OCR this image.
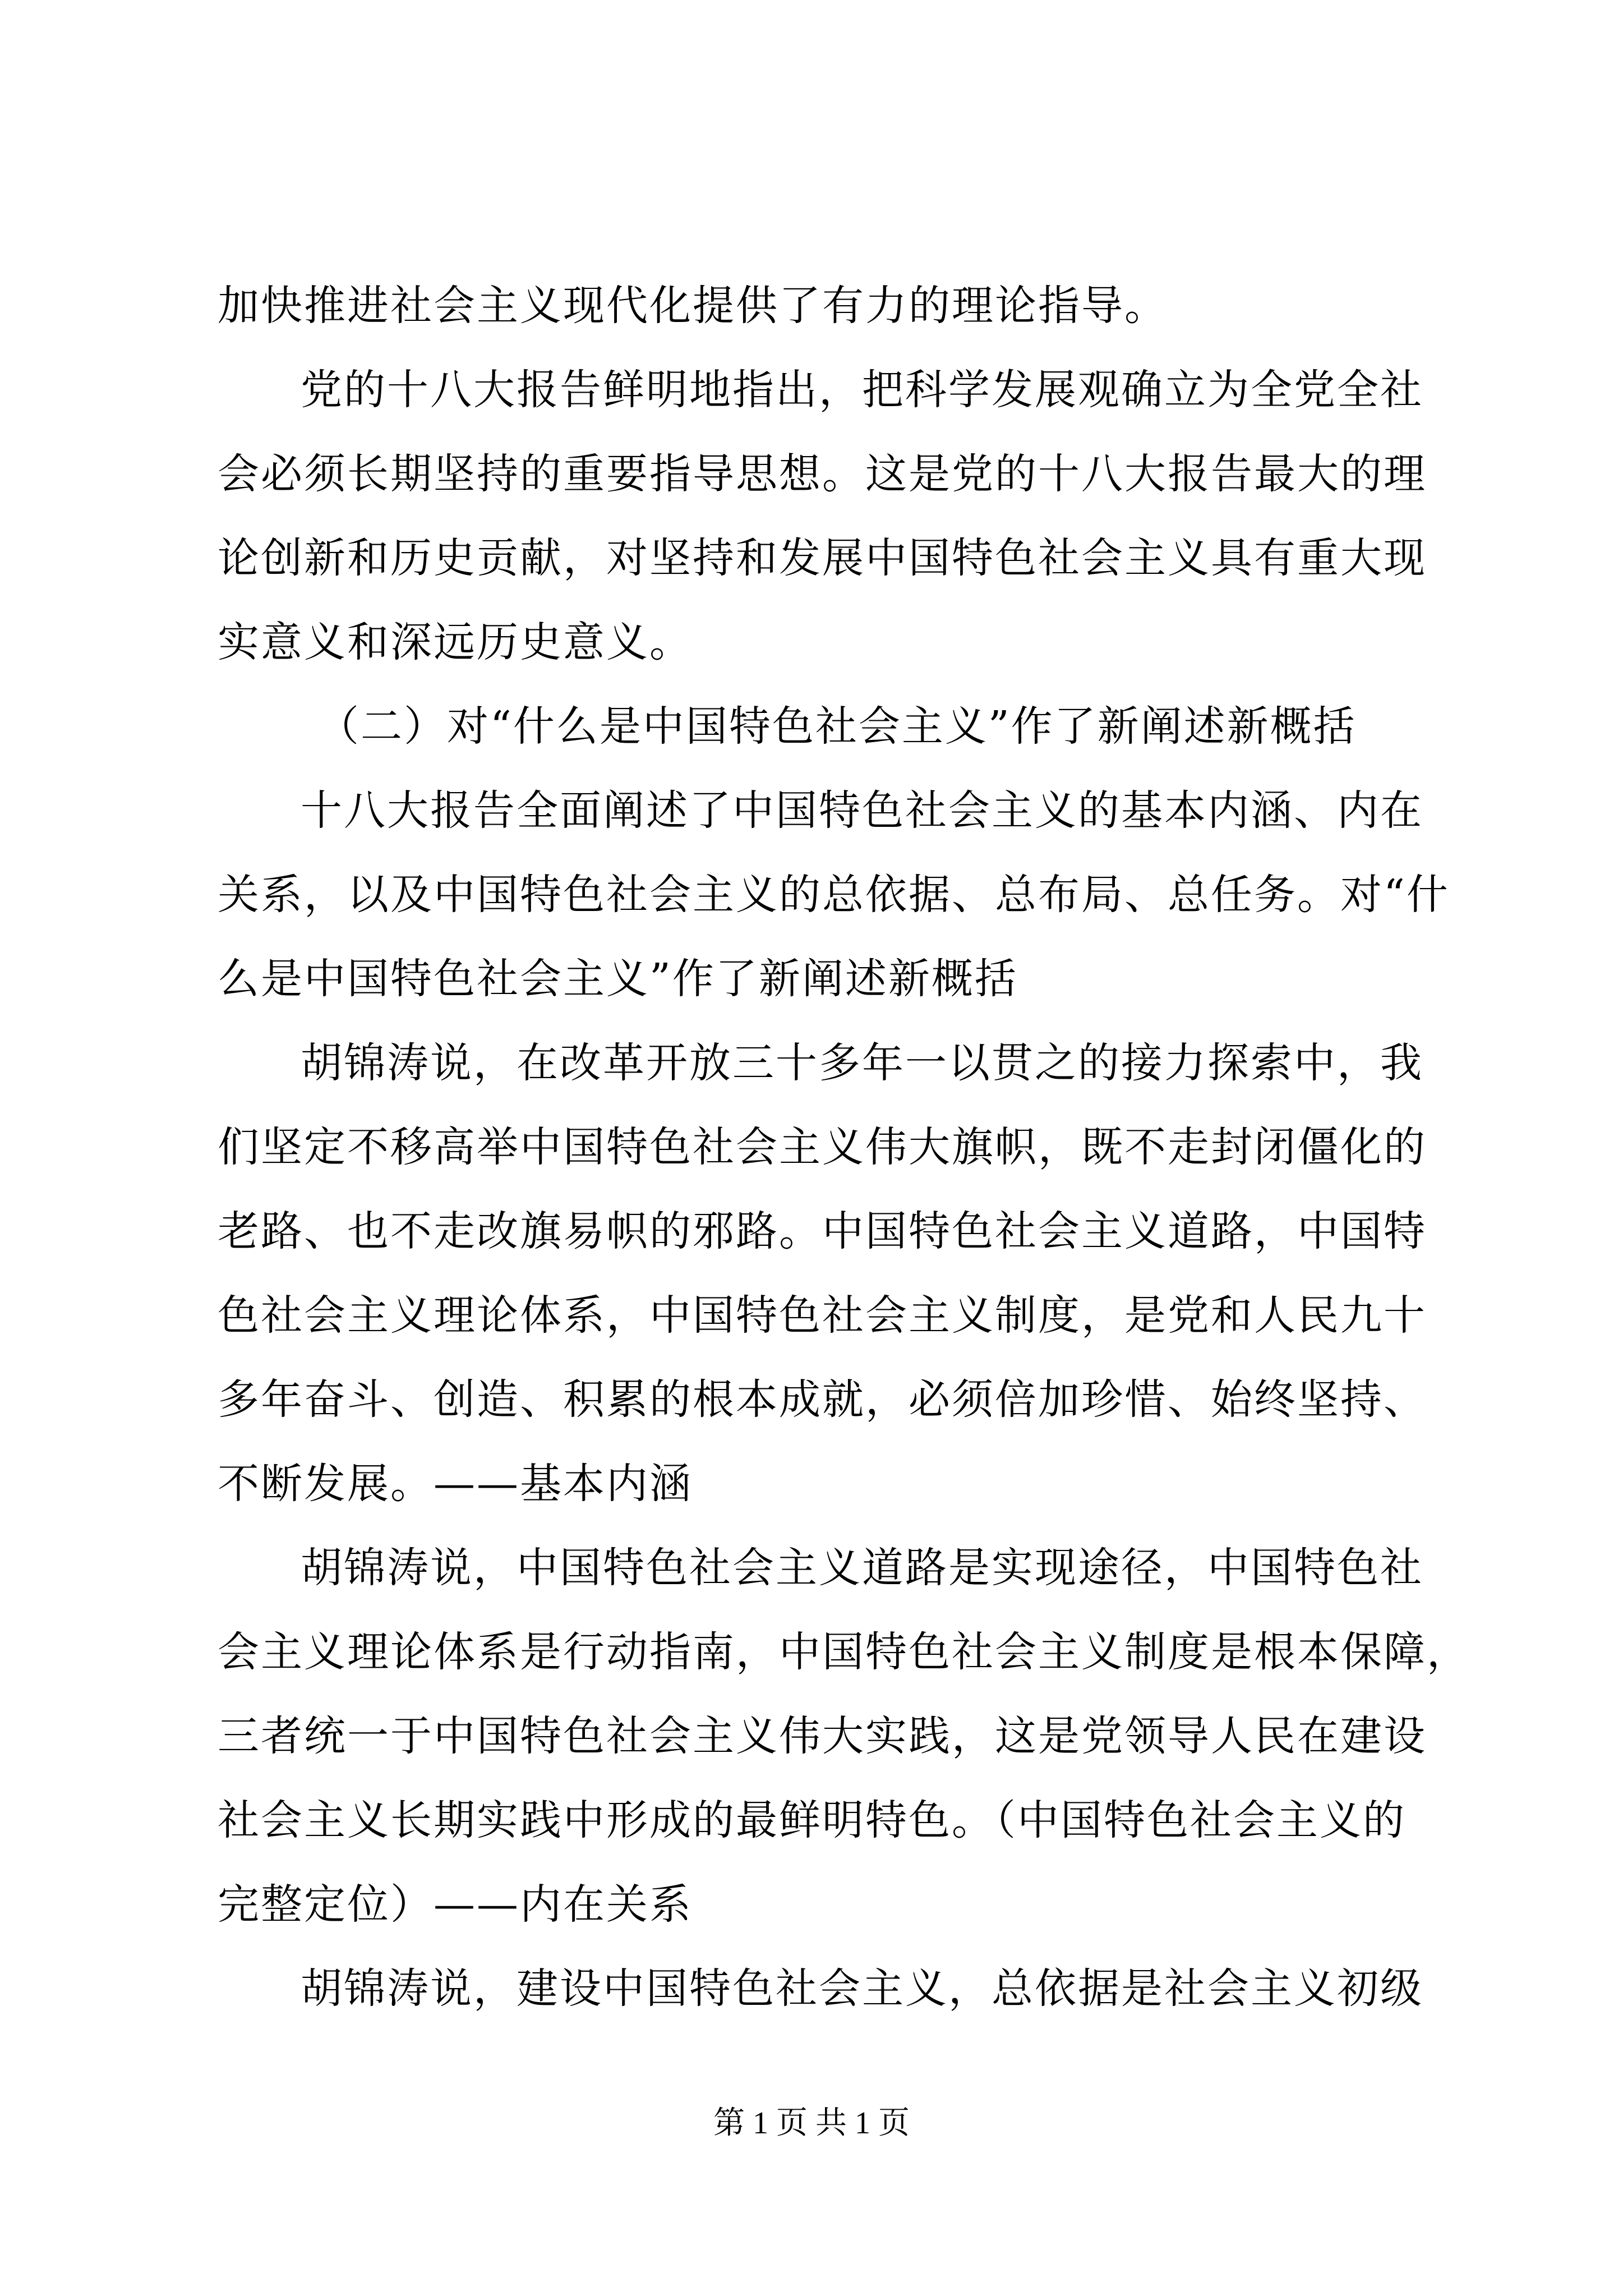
加快推进社会主义现代化提供了有力的理论指导。
党的十八大报告鲜明地指出，把科学发展观确立为全党全社
会必须长期坚持的重要指导思想。这是党的十八大报告最大的理
论创新和历史贡献，对坚持和发展中国特色社会主义具有重大现
实意义和深远历史意义。
（二）对“什么是中国特色社会主义”作了新阐述新概括
十八大报告全面阐述了中国特色社会主义的基本内涵、内在
关系，以及中国特色社会主义的总依据、总布局、总任务。对“什
么是中国特色社会主义”作了新阐述新概括
胡锦涛说，在改革开放三十多年一以贯之的接力探索中，我
们坚定不移高举中国特色社会主义伟大旗帜，既不走封闭僵化的
老路、也不走改旗易帜的邪路。中国特色社会主义道路，中国特
色社会主义理论体系，中国特色社会主义制度，是党和人民九十
多年奋斗、创造、积累的根本成就，必须倍加珍惜、始终坚持、
不断发展。——基本内涵
胡锦涛说，中国特色社会主义道路是实现途径，中国特色社
会主义理论体系是行动指南，中国特色社会主义制度是根本保障，
三者统一于中国特色社会主义伟大实践，这是党领导人民在建设
社会主义长期实践中形成的最鲜明特色。（中国特色社会主义的
完整定位）——内在关系
胡锦涛说，建设中国特色社会主义，总依据是社会主义初级
第 1 页 共 1 页
